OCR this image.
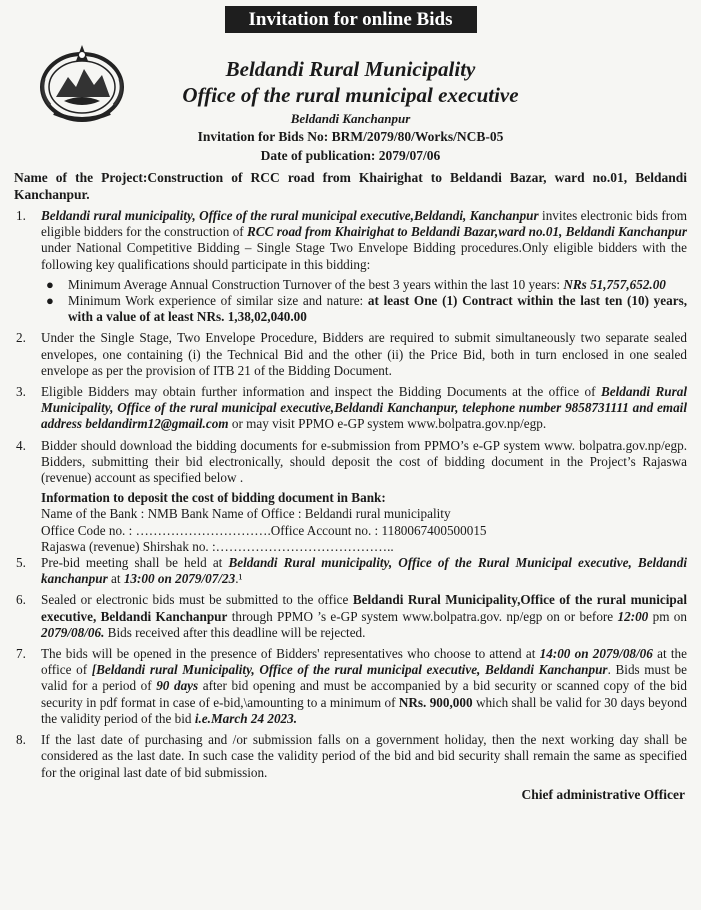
Invitation for online Bids
Beldandi Rural Municipality
Office of the rural municipal executive
Beldandi Kanchanpur
Invitation for Bids No: BRM/2079/80/Works/NCB-05
Date of publication: 2079/07/06
Name of the Project:Construction of RCC road from Khairighat to Beldandi Bazar, ward no.01, Beldandi Kanchanpur.
1. Beldandi rural municipality, Office of the rural municipal executive,Beldandi, Kanchanpur invites electronic bids from eligible bidders for the construction of RCC road from Khairighat to Beldandi Bazar,ward no.01, Beldandi Kanchanpur under National Competitive Bidding – Single Stage Two Envelope Bidding procedures.Only eligible bidders with the following key qualifications should participate in this bidding:
● Minimum Average Annual Construction Turnover of the best 3 years within the last 10 years: NRs 51,757,652.00
● Minimum Work experience of similar size and nature: at least One (1) Contract within the last ten (10) years, with a value of at least NRs. 1,38,02,040.00
2. Under the Single Stage, Two Envelope Procedure, Bidders are required to submit simultaneously two separate sealed envelopes, one containing (i) the Technical Bid and the other (ii) the Price Bid, both in turn enclosed in one sealed envelope as per the provision of ITB 21 of the Bidding Document.
3. Eligible Bidders may obtain further information and inspect the Bidding Documents at the office of Beldandi Rural Municipality, Office of the rural municipal executive,Beldandi Kanchanpur, telephone number 9858731111 and email address beldandirm12@gmail.com or may visit PPMO e-GP system www.bolpatra.gov.np/egp.
4. Bidder should download the bidding documents for e-submission from PPMO’s e-GP system www. bolpatra.gov.np/egp. Bidders, submitting their bid electronically, should deposit the cost of bidding document in the Project’s Rajaswa (revenue) account as specified below .
Information to deposit the cost of bidding document in Bank:
Name of the Bank : NMB Bank Name of Office : Beldandi rural municipality
Office Code no. : ………………………….Office Account no. : 1180067400500015
Rajaswa (revenue) Shirshak no. :…………………………………..
5. Pre-bid meeting shall be held at Beldandi Rural municipality, Office of the Rural Municipal executive, Beldandi kanchanpur at 13:00 on 2079/07/23.¹
6. Sealed or electronic bids must be submitted to the office Beldandi Rural Municipality,Office of the rural municipal executive, Beldandi Kanchanpur through PPMO ’s e-GP system www.bolpatra.gov. np/egp on or before 12:00 pm on 2079/08/06. Bids received after this deadline will be rejected.
7. The bids will be opened in the presence of Bidders' representatives who choose to attend at 14:00 on 2079/08/06 at the office of [Beldandi rural Municipality, Office of the rural municipal executive, Beldandi Kanchanpur. Bids must be valid for a period of 90 days after bid opening and must be accompanied by a bid security or scanned copy of the bid security in pdf format in case of e-bid,\amounting to a minimum of NRs. 900,000 which shall be valid for 30 days beyond the validity period of the bid i.e.March 24 2023.
8. If the last date of purchasing and /or submission falls on a government holiday, then the next working day shall be considered as the last date. In such case the validity period of the bid and bid security shall remain the same as specified for the original last date of bid submission.
Chief administrative Officer
